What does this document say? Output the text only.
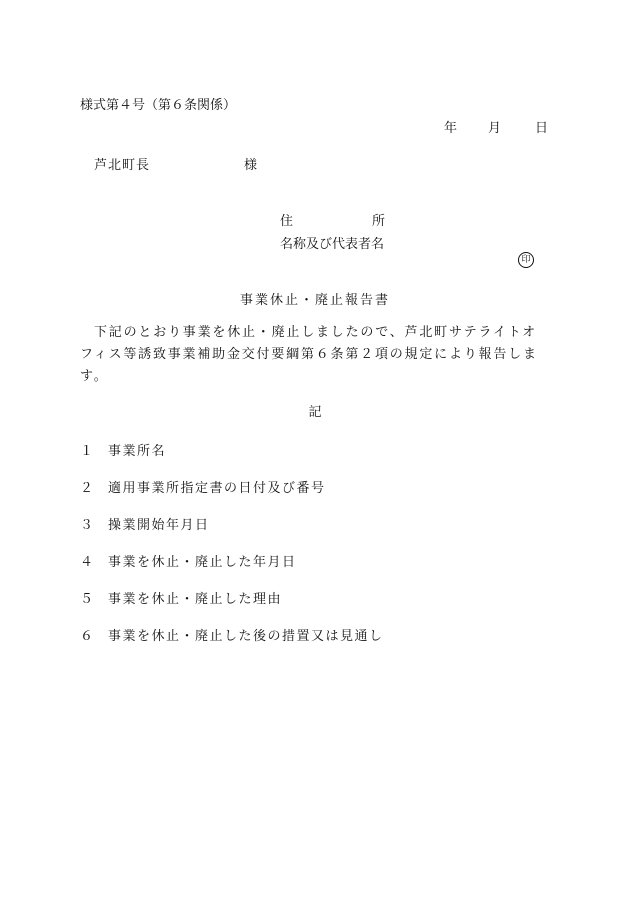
様式第４号（第６条関係）
年 月	日
芦北町長	様
住	所
名称及び代表者名
印
事業休止・廃止報告書
下記のとおり事業を休止・廃止しましたので、芦北町サテライトオフィス等誘致事業補助金交付要綱第６条第２項の規定により報告します。
記
１ 事業所名
２ 適用事業所指定書の日付及び番号
３ 操業開始年月日
４ 事業を休止・廃止した年月日
５ 事業を休止・廃止した理由
６ 事業を休止・廃止した後の措置又は見通し
